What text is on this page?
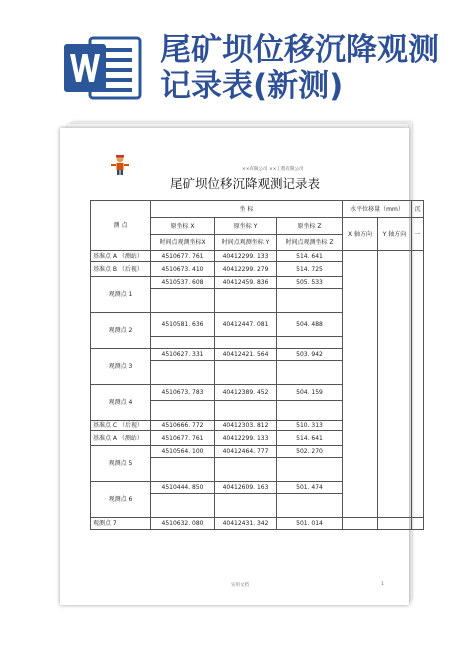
尾矿坝位移沉降观测记录表(新测)
××有限公司 ××工程有限公司
尾矿坝位移沉降观测记录表
测 点	坐 标			水平位移量（mm）		沉
	原坐标 X	原坐标 Y	原坐标 Z	X 轴方向	Y 轴方向	一
	时间点观测坐标X	时间点观测坐标 Y	时间点观测坐标 Z			
基准点 A （测站）	4510677. 761	40412299. 133	514. 641			
基准点 B （后视）	4510673. 410	40412299. 279	514. 725			
观测点 1	4510537. 608	40412459. 836	505. 533			

观测点 2	4510581. 636	40412447. 081	504. 488			

观测点 3	4510627. 331	40412421. 564	503. 942			

观测点 4	4510673. 783	40412389. 452	504. 159			

基准点 C （后视）	4510666. 772	40412303. 812	510. 313			
基准点 A （测站）	4510677. 761	40412299. 133	514. 641			
观测点 5	4510564. 100	40412464. 777	502. 270			

观测点 6	4510444. 850	40412609. 163	501. 474			

观测点 7	4510632. 080	40412431. 342	501. 014			
实用文档	1
